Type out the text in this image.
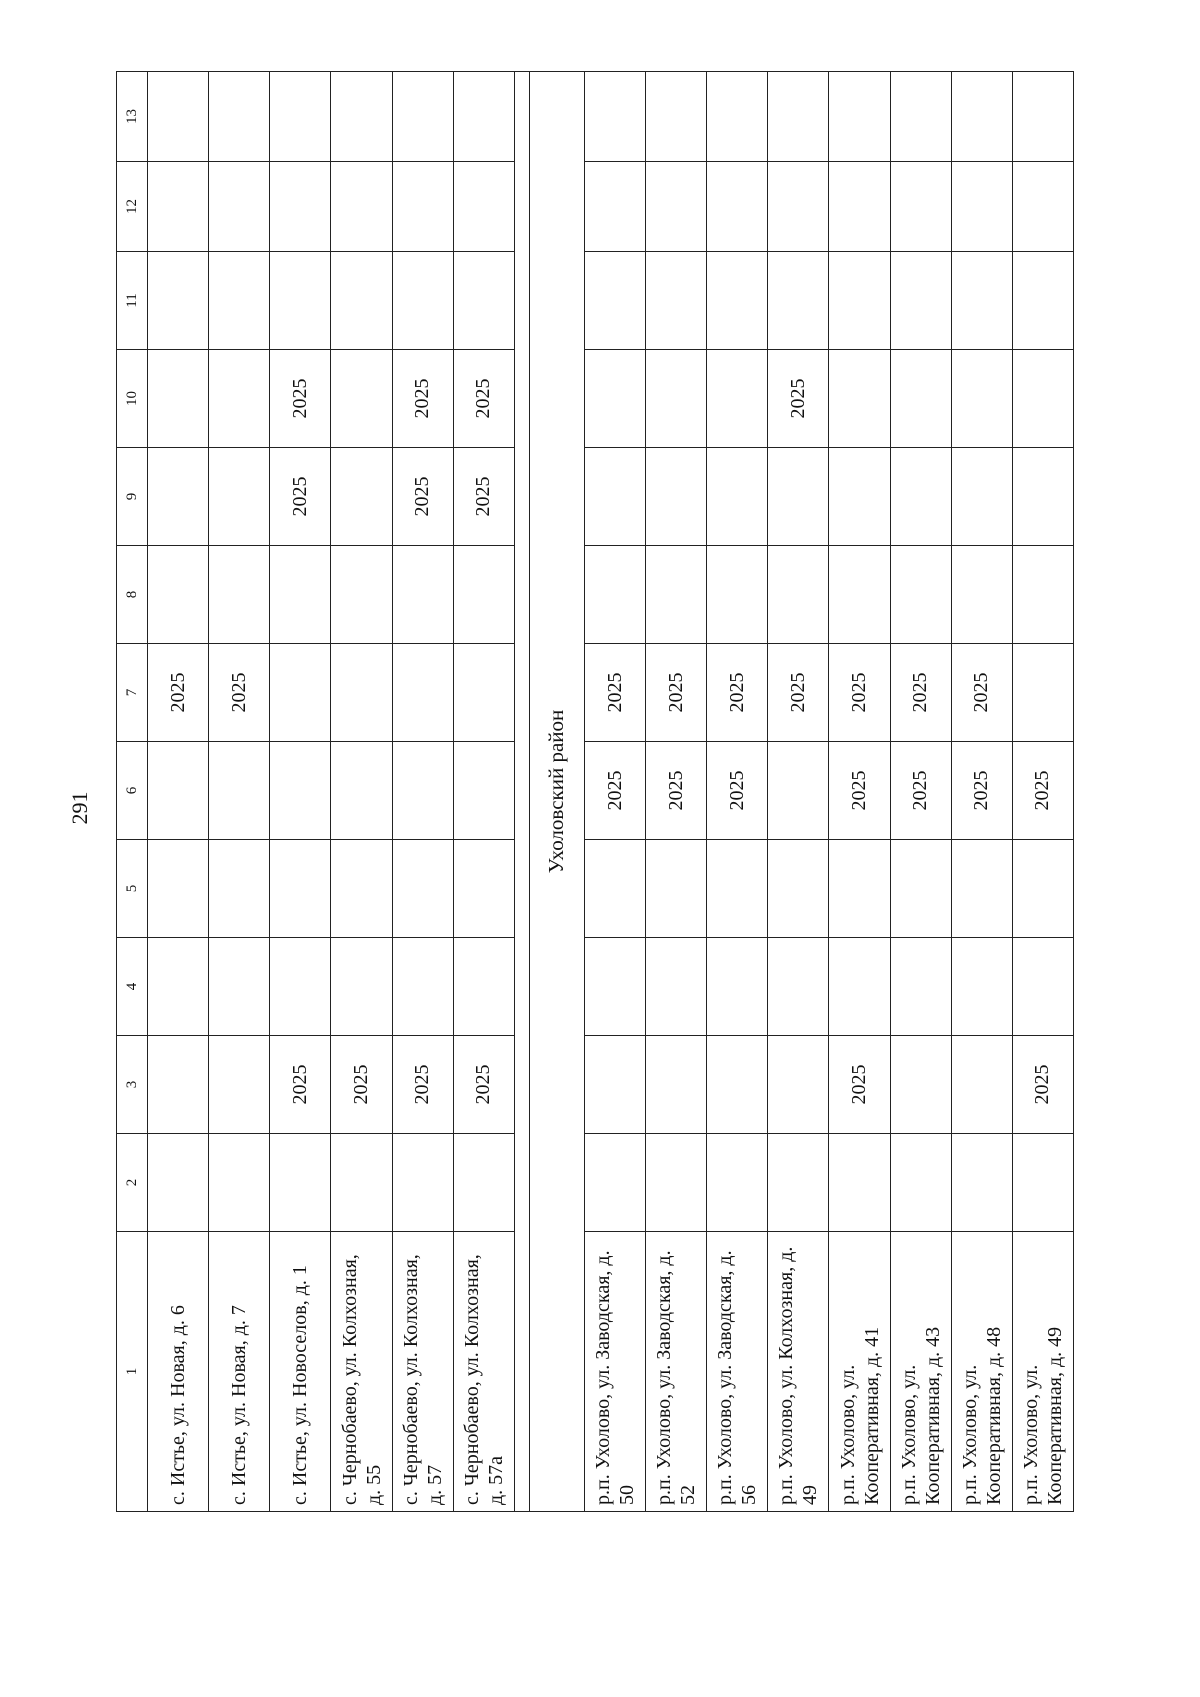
291
1	2	3	4	5	6	7	8	9	10	11	12	13
с. Истье, ул. Новая, д. 6						2025						
с. Истье, ул. Новая, д. 7						2025						
с. Истье, ул. Новоселов, д. 1		2025						2025	2025			
с. Чернобаево, ул. Колхозная, д. 55		2025										
с. Чернобаево, ул. Колхозная, д. 57		2025						2025	2025			
с. Чернобаево, ул. Колхозная, д. 57а		2025						2025	2025			

Ухоловский район												
р.п. Ухолово, ул. Заводская, д. 50					2025	2025						
р.п. Ухолово, ул. Заводская, д. 52					2025	2025						
р.п. Ухолово, ул. Заводская, д. 56					2025	2025						
р.п. Ухолово, ул. Колхозная, д. 49						2025			2025			
р.п. Ухолово, ул. Кооперативная, д. 41		2025			2025	2025						
р.п. Ухолово, ул. Кооперативная, д. 43					2025	2025						
р.п. Ухолово, ул. Кооперативная, д. 48					2025	2025						
р.п. Ухолово, ул. Кооперативная, д. 49		2025			2025							
